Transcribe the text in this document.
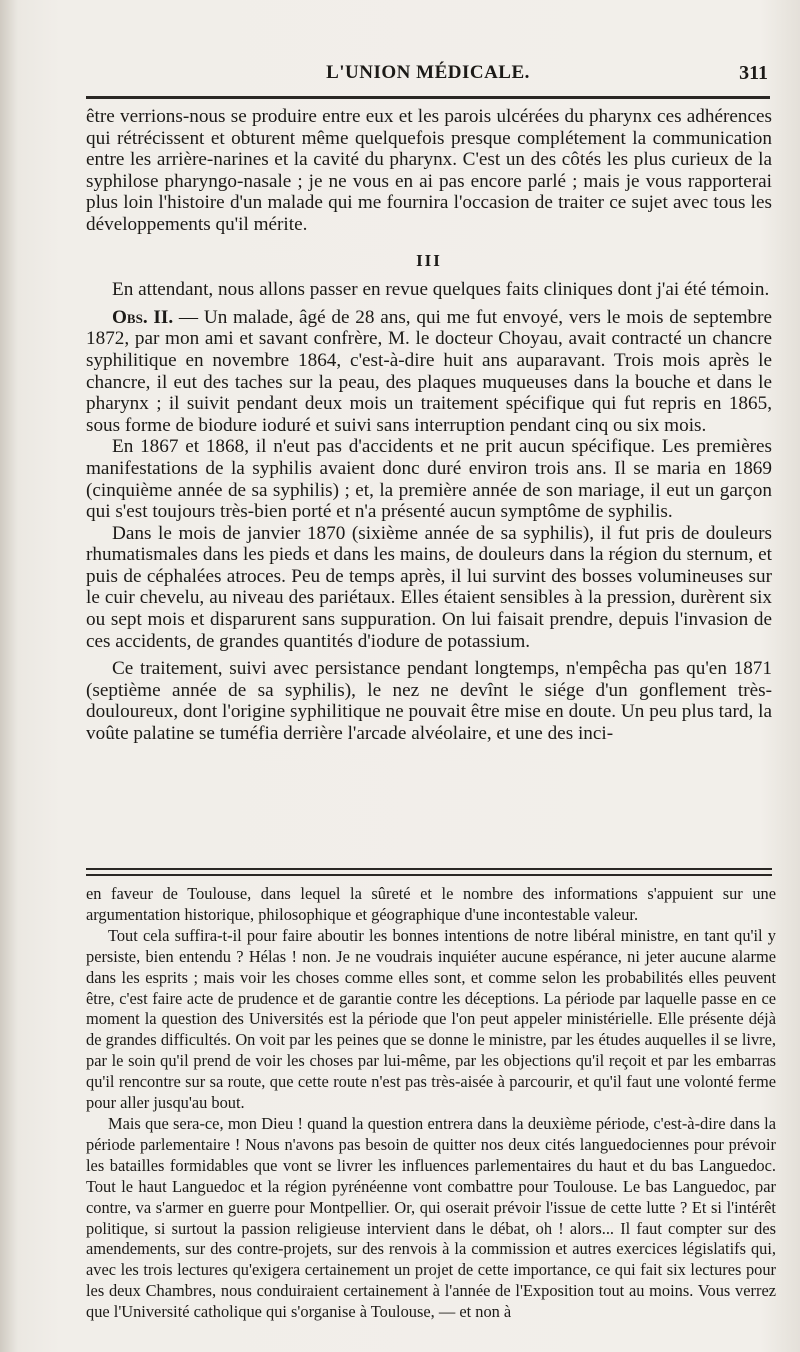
L'UNION MÉDICALE.	311

être verrions-nous se produire entre eux et les parois ulcérées du pharynx ces adhérences qui rétrécissent et obturent même quelquefois presque complétement la communication entre les arrière-narines et la cavité du pharynx. C'est un des côtés les plus curieux de la syphilose pharyngo-nasale ; je ne vous en ai pas encore parlé ; mais je vous rapporterai plus loin l'histoire d'un malade qui me fournira l'occasion de traiter ce sujet avec tous les développements qu'il mérite.

III

En attendant, nous allons passer en revue quelques faits cliniques dont j'ai été témoin.

Obs. II. — Un malade, âgé de 28 ans, qui me fut envoyé, vers le mois de septembre 1872, par mon ami et savant confrère, M. le docteur Choyau, avait contracté un chancre syphilitique en novembre 1864, c'est-à-dire huit ans auparavant. Trois mois après le chancre, il eut des taches sur la peau, des plaques muqueuses dans la bouche et dans le pharynx ; il suivit pendant deux mois un traitement spécifique qui fut repris en 1865, sous forme de biodure ioduré et suivi sans interruption pendant cinq ou six mois.

En 1867 et 1868, il n'eut pas d'accidents et ne prit aucun spécifique. Les premières manifestations de la syphilis avaient donc duré environ trois ans. Il se maria en 1869 (cinquième année de sa syphilis) ; et, la première année de son mariage, il eut un garçon qui s'est toujours très-bien porté et n'a présenté aucun symptôme de syphilis.

Dans le mois de janvier 1870 (sixième année de sa syphilis), il fut pris de douleurs rhumatismales dans les pieds et dans les mains, de douleurs dans la région du sternum, et puis de céphalées atroces. Peu de temps après, il lui survint des bosses volumineuses sur le cuir chevelu, au niveau des pariétaux. Elles étaient sensibles à la pression, durèrent six ou sept mois et disparurent sans suppuration. On lui faisait prendre, depuis l'invasion de ces accidents, de grandes quantités d'iodure de potassium.

Ce traitement, suivi avec persistance pendant longtemps, n'empêcha pas qu'en 1871 (septième année de sa syphilis), le nez ne devînt le siége d'un gonflement très-douloureux, dont l'origine syphilitique ne pouvait être mise en doute. Un peu plus tard, la voûte palatine se tuméfia derrière l'arcade alvéolaire, et une des inci-

en faveur de Toulouse, dans lequel la sûreté et le nombre des informations s'appuient sur une argumentation historique, philosophique et géographique d'une incontestable valeur.

Tout cela suffira-t-il pour faire aboutir les bonnes intentions de notre libéral ministre, en tant qu'il y persiste, bien entendu ? Hélas ! non. Je ne voudrais inquiéter aucune espérance, ni jeter aucune alarme dans les esprits ; mais voir les choses comme elles sont, et comme selon les probabilités elles peuvent être, c'est faire acte de prudence et de garantie contre les déceptions. La période par laquelle passe en ce moment la question des Universités est la période que l'on peut appeler ministérielle. Elle présente déjà de grandes difficultés. On voit par les peines que se donne le ministre, par les études auquelles il se livre, par le soin qu'il prend de voir les choses par lui-même, par les objections qu'il reçoit et par les embarras qu'il rencontre sur sa route, que cette route n'est pas très-aisée à parcourir, et qu'il faut une volonté ferme pour aller jusqu'au bout.

Mais que sera-ce, mon Dieu ! quand la question entrera dans la deuxième période, c'est-à-dire dans la période parlementaire ! Nous n'avons pas besoin de quitter nos deux cités languedociennes pour prévoir les batailles formidables que vont se livrer les influences parlementaires du haut et du bas Languedoc. Tout le haut Languedoc et la région pyrénéenne vont combattre pour Toulouse. Le bas Languedoc, par contre, va s'armer en guerre pour Montpellier. Or, qui oserait prévoir l'issue de cette lutte ? Et si l'intérêt politique, si surtout la passion religieuse intervient dans le débat, oh ! alors... Il faut compter sur des amendements, sur des contre-projets, sur des renvois à la commission et autres exercices législatifs qui, avec les trois lectures qu'exigera certainement un projet de cette importance, ce qui fait six lectures pour les deux Chambres, nous conduiraient certainement à l'année de l'Exposition tout au moins. Vous verrez que l'Université catholique qui s'organise à Toulouse, — et non à
